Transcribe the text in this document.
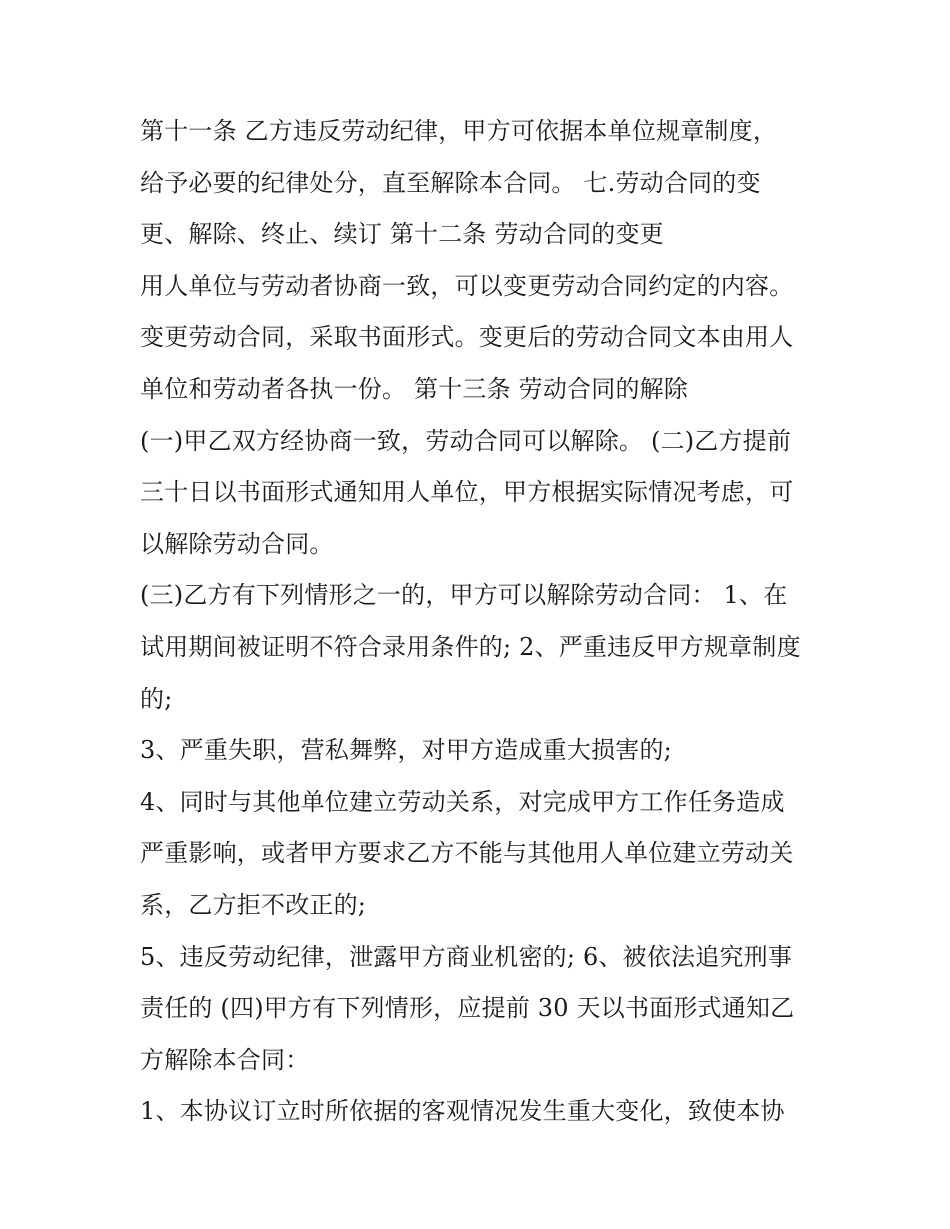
第十一条 乙方违反劳动纪律，甲方可依据本单位规章制度，
给予必要的纪律处分，直至解除本合同。 七.劳动合同的变
更、解除、终止、续订 第十二条 劳动合同的变更
用人单位与劳动者协商一致，可以变更劳动合同约定的内容。
变更劳动合同，采取书面形式。变更后的劳动合同文本由用人
单位和劳动者各执一份。 第十三条 劳动合同的解除
(一)甲乙双方经协商一致，劳动合同可以解除。 (二)乙方提前
三十日以书面形式通知用人单位，甲方根据实际情况考虑，可
以解除劳动合同。
(三)乙方有下列情形之一的，甲方可以解除劳动合同： 1、在
试用期间被证明不符合录用条件的; 2、严重违反甲方规章制度
的;
3、严重失职，营私舞弊，对甲方造成重大损害的;
4、同时与其他单位建立劳动关系，对完成甲方工作任务造成
严重影响，或者甲方要求乙方不能与其他用人单位建立劳动关
系，乙方拒不改正的;
5、违反劳动纪律，泄露甲方商业机密的; 6、被依法追究刑事
责任的 (四)甲方有下列情形，应提前 30 天以书面形式通知乙
方解除本合同：
1、本协议订立时所依据的客观情况发生重大变化，致使本协
